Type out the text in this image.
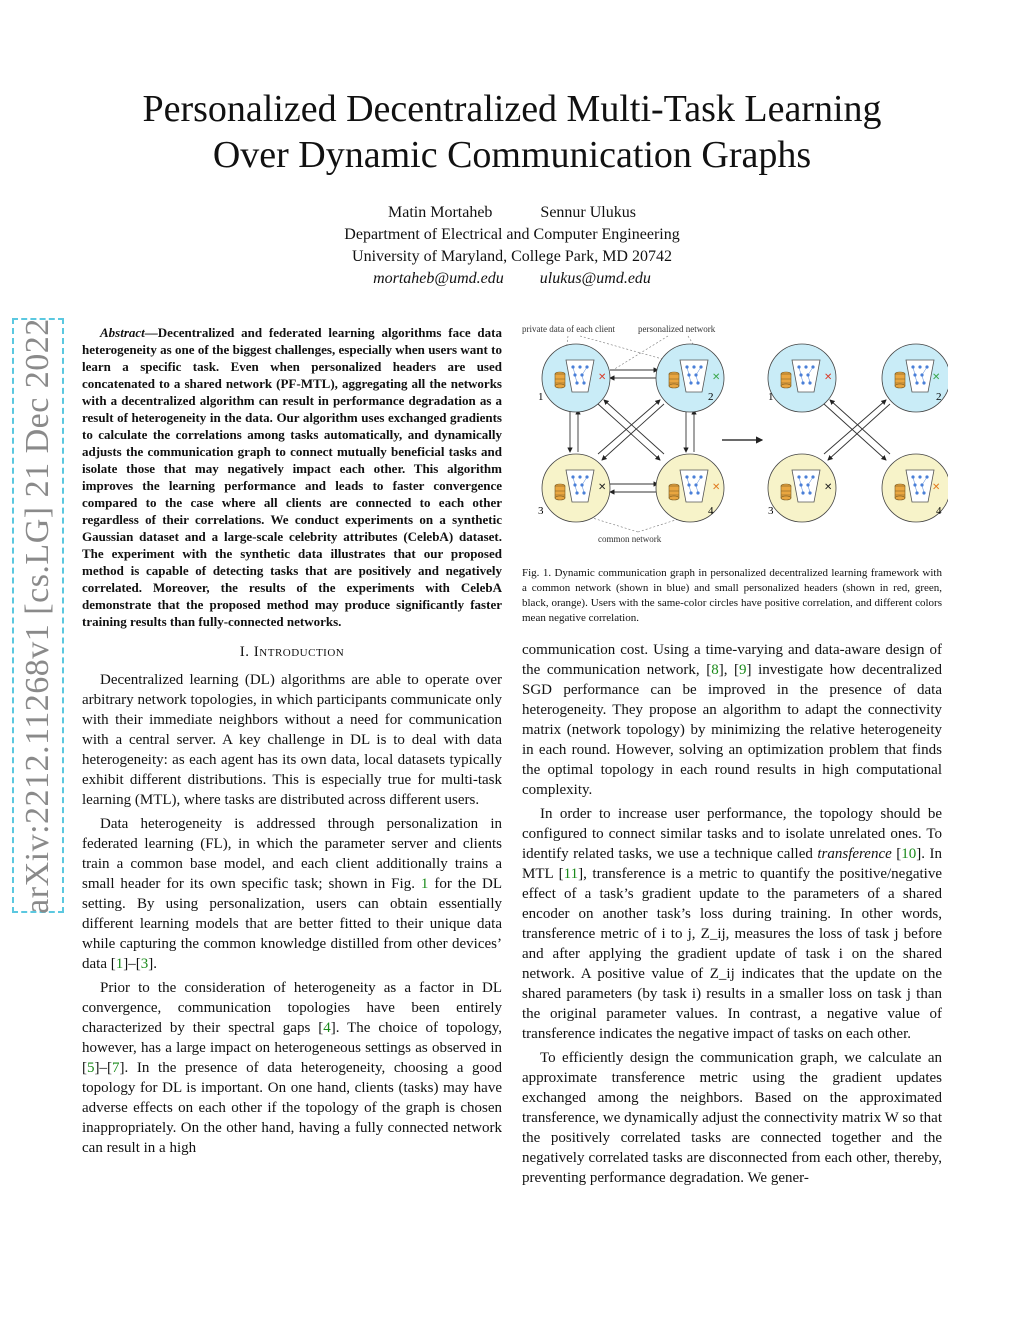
arXiv:2212.11268v1 [cs.LG] 21 Dec 2022
Personalized Decentralized Multi-Task Learning
Over Dynamic Communication Graphs
Matin Mortaheb	Sennur Ulukus
Department of Electrical and Computer Engineering
University of Maryland, College Park, MD 20742
mortaheb@umd.edu ulukus@umd.edu

Abstract—Decentralized and federated learning algorithms face data heterogeneity as one of the biggest challenges, especially when users want to learn a specific task. Even when personalized headers are used concatenated to a shared network (PF-MTL), aggregating all the networks with a decentralized algorithm can result in performance degradation as a result of heterogeneity in the data. Our algorithm uses exchanged gradients to calculate the correlations among tasks automatically, and dynamically adjusts the communication graph to connect mutually beneficial tasks and isolate those that may negatively impact each other. This algorithm improves the learning performance and leads to faster convergence compared to the case where all clients are connected to each other regardless of their correlations. We conduct experiments on a synthetic Gaussian dataset and a large-scale celebrity attributes (CelebA) dataset. The experiment with the synthetic data illustrates that our proposed method is capable of detecting tasks that are positively and negatively correlated. Moreover, the results of the experiments with CelebA demonstrate that the proposed method may produce significantly faster training results than fully-connected networks.

I. Introduction

Decentralized learning (DL) algorithms are able to operate over arbitrary network topologies, in which participants communicate only with their immediate neighbors without a need for communication with a central server. A key challenge in DL is to deal with data heterogeneity: as each agent has its own data, local datasets typically exhibit different distributions. This is especially true for multi-task learning (MTL), where tasks are distributed across different users.

Data heterogeneity is addressed through personalization in federated learning (FL), in which the parameter server and clients train a common base model, and each client additionally trains a small header for its own specific task; shown in Fig. 1 for the DL setting. By using personalization, users can obtain essentially different learning models that are better fitted to their unique data while capturing the common knowledge distilled from other devices’ data [1]–[3].

Prior to the consideration of heterogeneity as a factor in DL convergence, communication topologies have been entirely characterized by their spectral gaps [4]. The choice of topology, however, has a large impact on heterogeneous settings as observed in [5]–[7]. In the presence of data heterogeneity, choosing a good topology for DL is important. On one hand, clients (tasks) may have adverse effects on each other if the topology of the graph is chosen inappropriately. On the other hand, having a fully connected network can result in a high

private data of each client	personalized network
common network
✕	✕
✕	✕
1	2
3	4
✕	✕
✕	✕
1	2
3	4
Fig. 1. Dynamic communication graph in personalized decentralized learning framework with a common network (shown in blue) and small personalized headers (shown in red, green, black, orange). Users with the same-color circles have positive correlation, and different colors mean negative correlation.

communication cost. Using a time-varying and data-aware design of the communication network, [8], [9] investigate how decentralized SGD performance can be improved in the presence of data heterogeneity. They propose an algorithm to adapt the connectivity matrix (network topology) by minimizing the relative heterogeneity in each round. However, solving an optimization problem that finds the optimal topology in each round results in high computational complexity.

In order to increase user performance, the topology should be configured to connect similar tasks and to isolate unrelated ones. To identify related tasks, we use a technique called transference [10]. In MTL [11], transference is a metric to quantify the positive/negative effect of a task’s gradient update to the parameters of a shared encoder on another task’s loss during training. In other words, transference metric of i to j, Z_ij, measures the loss of task j before and after applying the gradient update of task i on the shared network. A positive value of Z_ij indicates that the update on the shared parameters (by task i) results in a smaller loss on task j than the original parameter values. In contrast, a negative value of transference indicates the negative impact of tasks on each other.

To efficiently design the communication graph, we calculate an approximate transference metric using the gradient updates exchanged among the neighbors. Based on the approximated transference, we dynamically adjust the connectivity matrix W so that the positively correlated tasks are connected together and the negatively correlated tasks are disconnected from each other, thereby, preventing performance degradation. We gener-
